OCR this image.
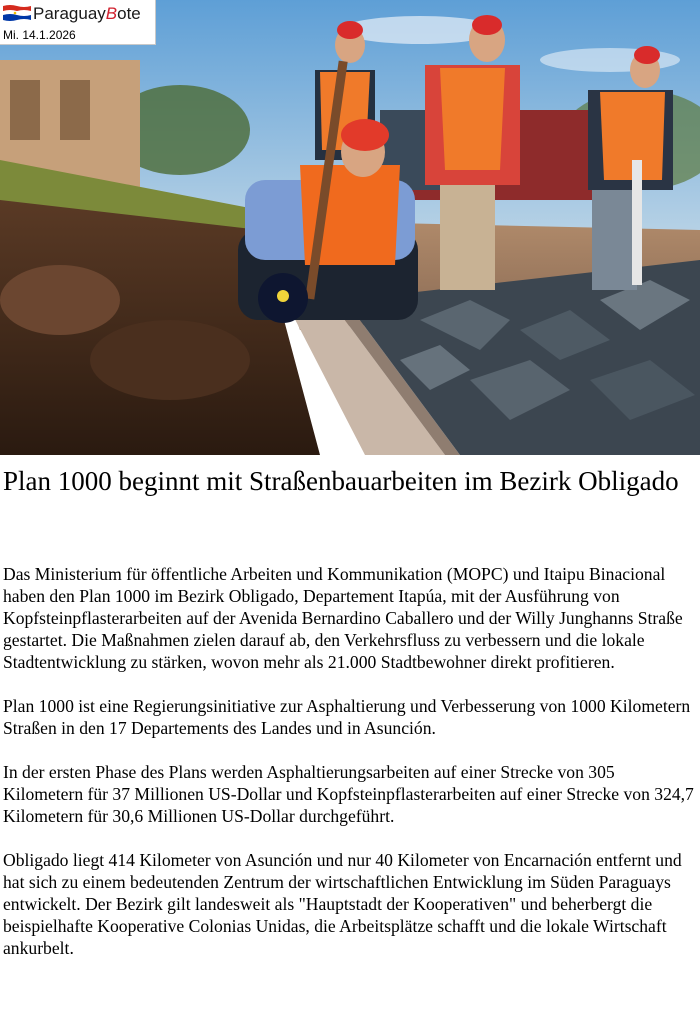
ParaguayBote
Mi. 14.1.2026
Plan 1000 beginnt mit Straßenbauarbeiten im Bezirk Obligado

Das Ministerium für öffentliche Arbeiten und Kommunikation (MOPC) und Itaipu Binacional haben den Plan 1000 im Bezirk Obligado, Departement Itapúa, mit der Ausführung von Kopfsteinpflasterarbeiten auf der Avenida Bernardino Caballero und der Willy Junghanns Straße gestartet. Die Maßnahmen zielen darauf ab, den Verkehrsfluss zu verbessern und die lokale Stadtentwicklung zu stärken, wovon mehr als 21.000 Stadtbewohner direkt profitieren.

Plan 1000 ist eine Regierungsinitiative zur Asphaltierung und Verbesserung von 1000 Kilometern Straßen in den 17 Departements des Landes und in Asunción.

In der ersten Phase des Plans werden Asphaltierungsarbeiten auf einer Strecke von 305 Kilometern für 37 Millionen US-Dollar und Kopfsteinpflasterarbeiten auf einer Strecke von 324,7 Kilometern für 30,6 Millionen US-Dollar durchgeführt.

Obligado liegt 414 Kilometer von Asunción und nur 40 Kilometer von Encarnación entfernt und hat sich zu einem bedeutenden Zentrum der wirtschaftlichen Entwicklung im Süden Paraguays entwickelt. Der Bezirk gilt landesweit als "Hauptstadt der Kooperativen" und beherbergt die beispielhafte Kooperative Colonias Unidas, die Arbeitsplätze schafft und die lokale Wirtschaft ankurbelt.
